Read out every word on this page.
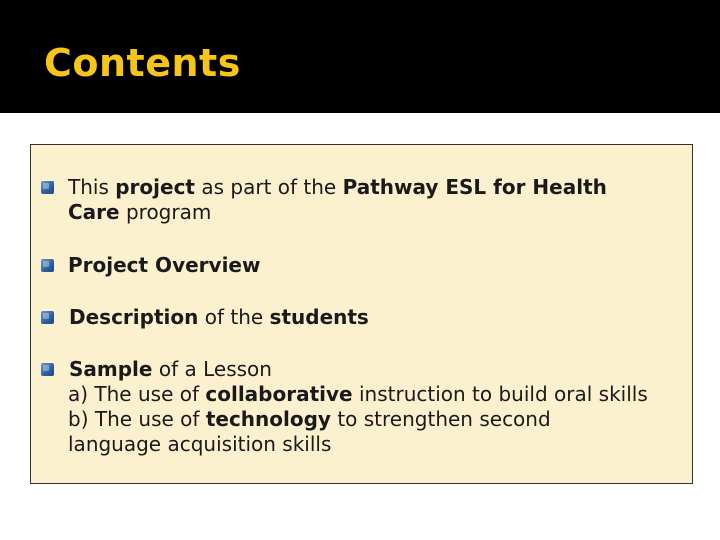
Contents
This project as part of the Pathway ESL for Health
Care program
Project Overview
Description of the students
Sample of a Lesson
a) The use of collaborative instruction to build oral skills
b) The use of technology to strengthen second
language acquisition skills
